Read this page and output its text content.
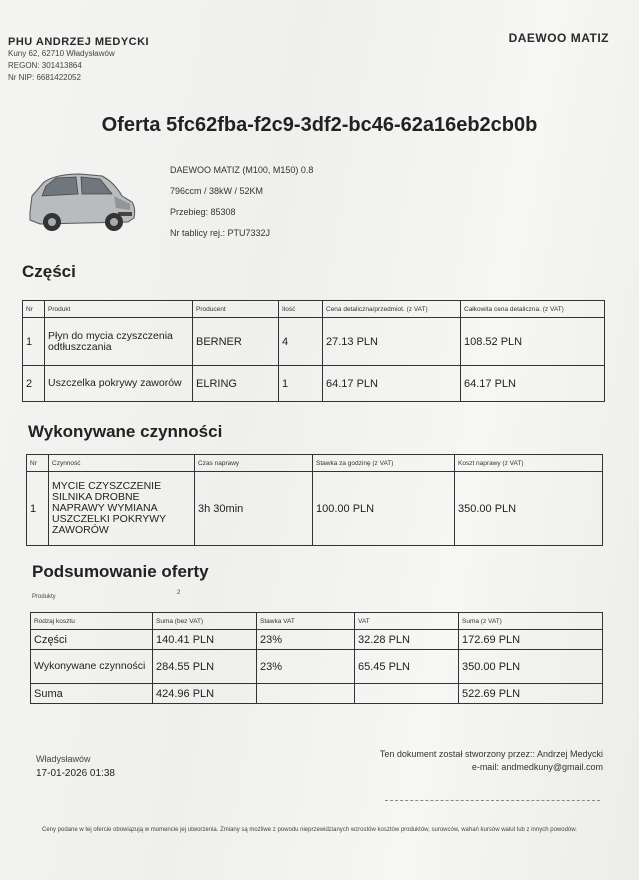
PHU ANDRZEJ MEDYCKI
Kuny 62, 62710 Władysławów
REGON: 301413864
Nr NIP: 6681422052
DAEWOO MATIZ
Oferta 5fc62fba-f2c9-3df2-bc46-62a16eb2cb0b
DAEWOO MATIZ (M100, M150) 0.8
796ccm / 38kW / 52KM
Przebieg: 85308
Nr tablicy rej.: PTU7332J
Części
Nr	Produkt	Producent	Ilość	Cena detaliczna/przedmiot. (z VAT)	Całkowita cena detaliczna. (z VAT)
1	Płyn do mycia czyszczenia odtłuszczania	BERNER	4	27.13 PLN	108.52 PLN
2	Uszczelka pokrywy zaworów	ELRING	1	64.17 PLN	64.17 PLN
Wykonywane czynności
Nr	Czynność	Czas naprawy	Stawka za godzinę (z VAT)	Koszt naprawy (z VAT)
1	MYCIE CZYSZCZENIE SILNIKA DROBNE NAPRAWY WYMIANA USZCZELKI POKRYWY ZAWORÓW	3h 30min	100.00 PLN	350.00 PLN
Podsumowanie oferty
Produkty
2
Rodzaj kosztu	Suma (bez VAT)	Stawka VAT	VAT	Suma (z VAT)
Części	140.41 PLN	23%	32.28 PLN	172.69 PLN
Wykonywane czynności	284.55 PLN	23%	65.45 PLN	350.00 PLN
Suma	424.96 PLN			522.69 PLN
Władysławów
17-01-2026 01:38
Ten dokument został stworzony przez:: Andrzej Medycki
e-mail: andmedkuny@gmail.com
Ceny podane w tej ofercie obowiązują w momencie jej utworzenia. Zmiany są możliwe z powodu nieprzewidzianych wzrostów kosztów produktów, surowców, wahań kursów walut lub z innych powodów.
